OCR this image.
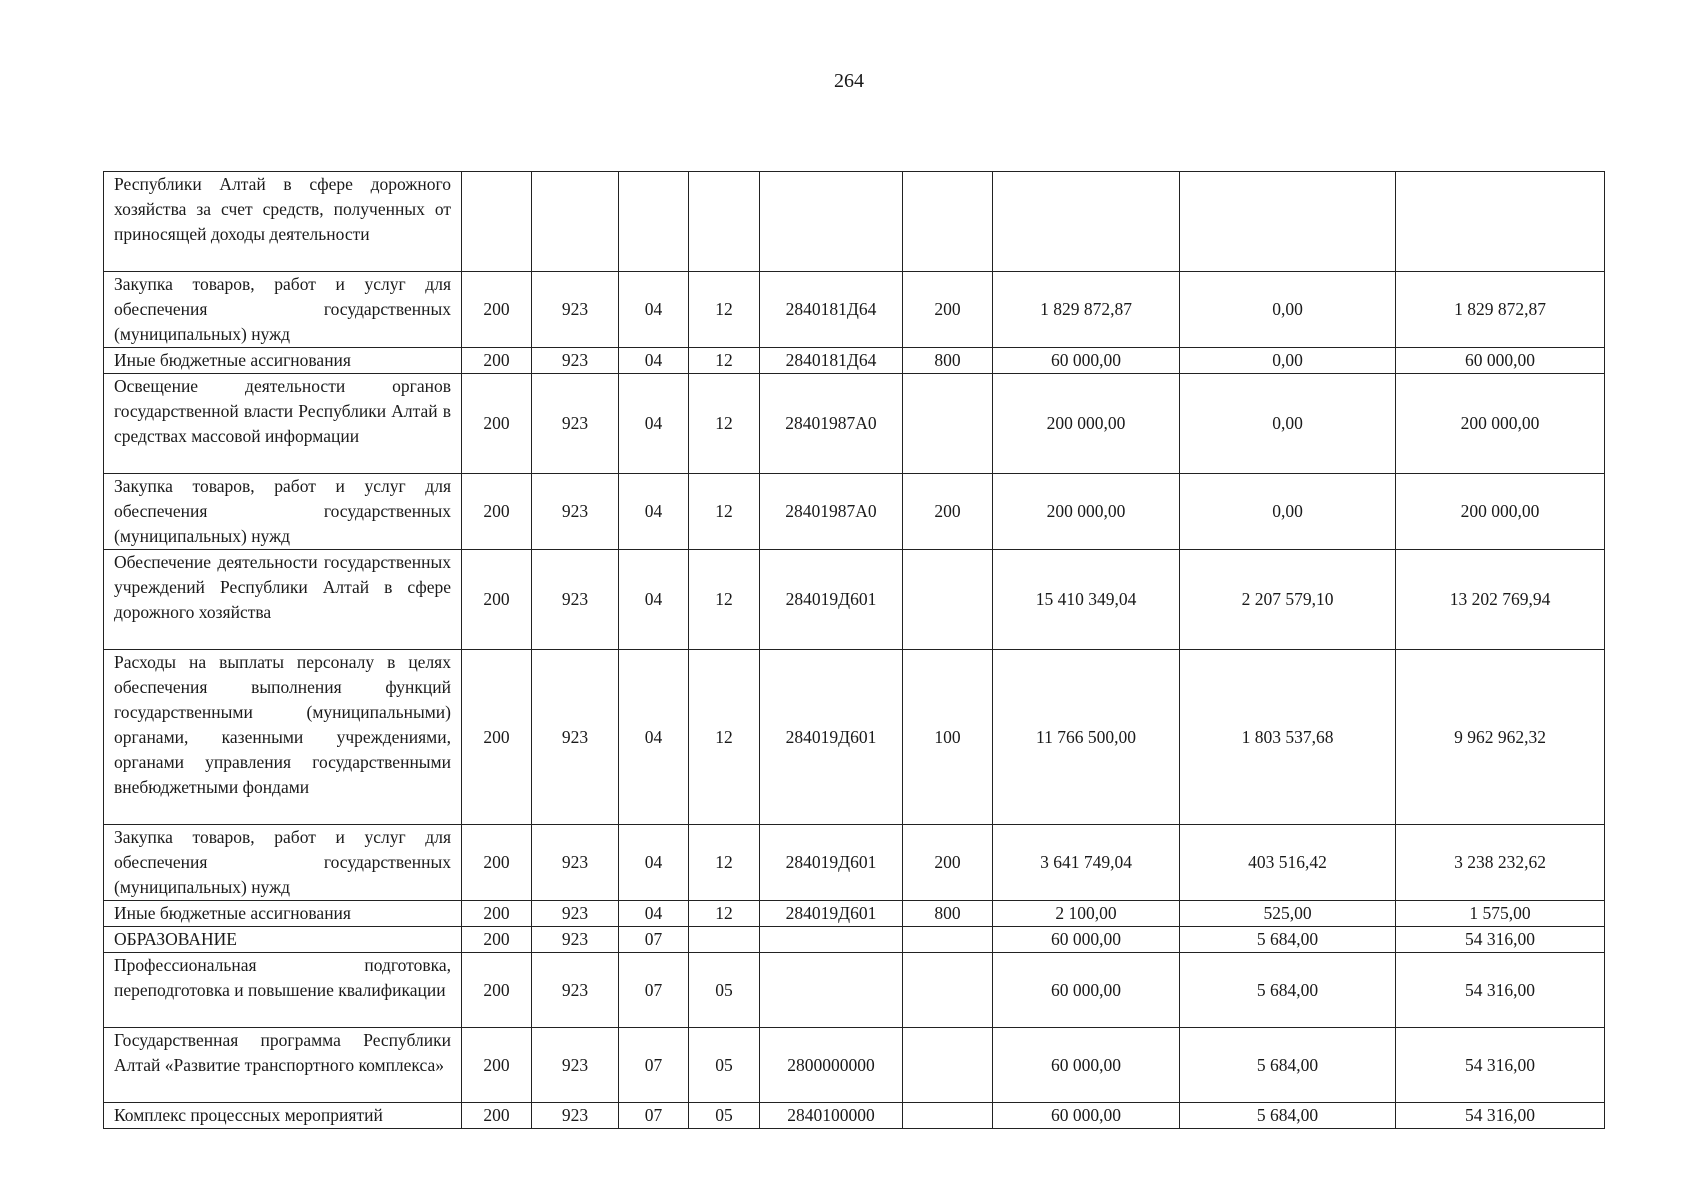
264
Республики Алтай в сфере дорожного хозяйства за счет средств, полученных от приносящей доходы деятельности									
Закупка товаров, работ и услуг для обеспечения государственных (муниципальных) нужд	200	923	04	12	2840181Д64	200	1 829 872,87	0,00	1 829 872,87
Иные бюджетные ассигнования	200	923	04	12	2840181Д64	800	60 000,00	0,00	60 000,00
Освещение деятельности органов государственной власти Республики Алтай в средствах массовой информации	200	923	04	12	28401987А0		200 000,00	0,00	200 000,00
Закупка товаров, работ и услуг для обеспечения государственных (муниципальных) нужд	200	923	04	12	28401987А0	200	200 000,00	0,00	200 000,00
Обеспечение деятельности государственных учреждений Республики Алтай в сфере дорожного хозяйства	200	923	04	12	284019Д601		15 410 349,04	2 207 579,10	13 202 769,94
Расходы на выплаты персоналу в целях обеспечения выполнения функций государственными (муниципальными) органами, казенными учреждениями, органами управления государственными внебюджетными фондами	200	923	04	12	284019Д601	100	11 766 500,00	1 803 537,68	9 962 962,32
Закупка товаров, работ и услуг для обеспечения государственных (муниципальных) нужд	200	923	04	12	284019Д601	200	3 641 749,04	403 516,42	3 238 232,62
Иные бюджетные ассигнования	200	923	04	12	284019Д601	800	2 100,00	525,00	1 575,00
ОБРАЗОВАНИЕ	200	923	07				60 000,00	5 684,00	54 316,00
Профессиональная подготовка, переподготовка и повышение квалификации	200	923	07	05			60 000,00	5 684,00	54 316,00
Государственная программа Республики Алтай «Развитие транспортного комплекса»	200	923	07	05	2800000000		60 000,00	5 684,00	54 316,00
Комплекс процессных мероприятий	200	923	07	05	2840100000		60 000,00	5 684,00	54 316,00
